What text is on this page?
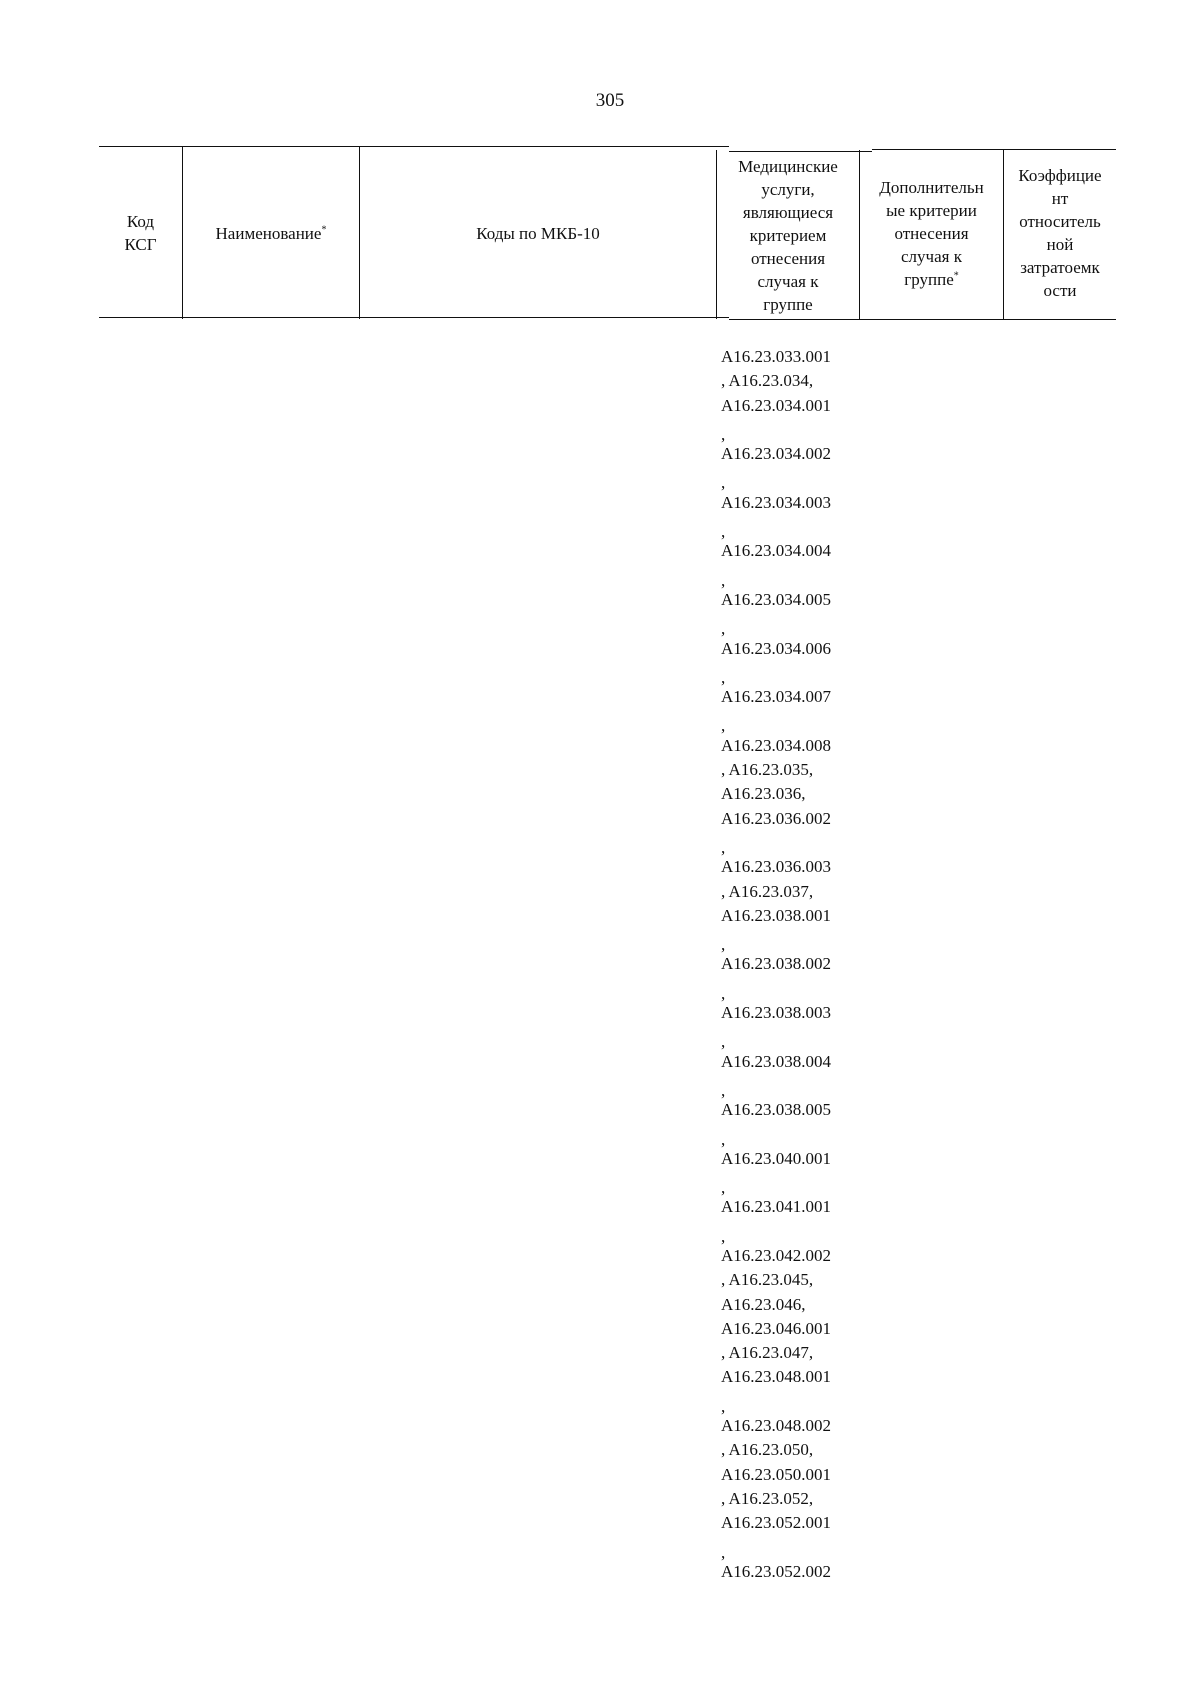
305
Код
КСГ
Наименование*	Коды по МКБ-10
Медицинские
услуги,
являющиеся
критерием
отнесения
случая к
группе
Дополнительн
ые критерии
отнесения
случая к
группе*
Коэффицие
нт
относитель
ной
затратоемк
ости
A16.23.033.001
, A16.23.034,
A16.23.034.001
,
A16.23.034.002
,
A16.23.034.003
,
A16.23.034.004
,
A16.23.034.005
,
A16.23.034.006
,
A16.23.034.007
,
A16.23.034.008
, A16.23.035,
A16.23.036,
A16.23.036.002
,
A16.23.036.003
, A16.23.037,
A16.23.038.001
,
A16.23.038.002
,
A16.23.038.003
,
A16.23.038.004
,
A16.23.038.005
,
A16.23.040.001
,
A16.23.041.001
,
A16.23.042.002
, A16.23.045,
A16.23.046,
A16.23.046.001
, A16.23.047,
A16.23.048.001
,
A16.23.048.002
, A16.23.050,
A16.23.050.001
, A16.23.052,
A16.23.052.001
,
A16.23.052.002
